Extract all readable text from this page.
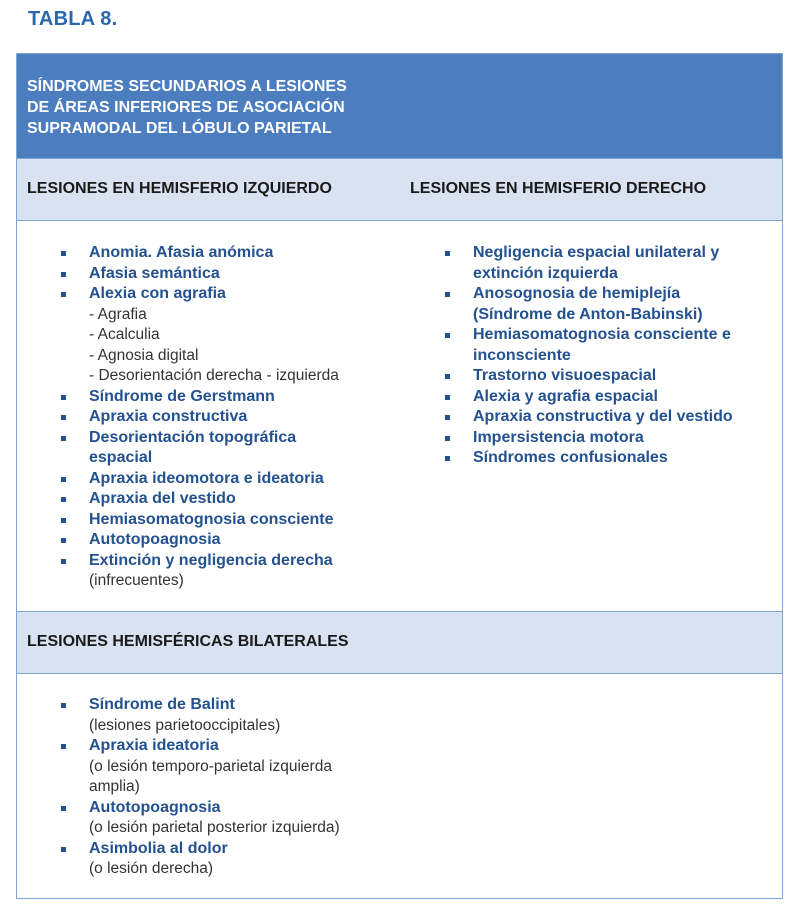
TABLA 8.
SÍNDROMES SECUNDARIOS A LESIONES
DE ÁREAS INFERIORES DE ASOCIACIÓN
SUPRAMODAL DEL LÓBULO PARIETAL
LESIONES EN HEMISFERIO IZQUIERDO	LESIONES EN HEMISFERIO DERECHO
Anomia. Afasia anómica
Afasia semántica
Alexia con agrafia
- Agrafia
- Acalculia
- Agnosia digital
- Desorientación derecha - izquierda
Síndrome de Gerstmann
Apraxia constructiva
Desorientación topográfica
espacial
Apraxia ideomotora e ideatoria
Apraxia del vestido
Hemiasomatognosia consciente
Autotopoagnosia
Extinción y negligencia derecha
(infrecuentes)
Negligencia espacial unilateral y
extinción izquierda
Anosognosia de hemiplejía
(Síndrome de Anton-Babinski)
Hemiasomatognosia consciente e
inconsciente
Trastorno visuoespacial
Alexia y agrafia espacial
Apraxia constructiva y del vestido
Impersistencia motora
Síndromes confusionales
LESIONES HEMISFÉRICAS BILATERALES
Síndrome de Balint
(lesiones parietooccipitales)
Apraxia ideatoria
(o lesión temporo-parietal izquierda
amplia)
Autotopoagnosia
(o lesión parietal posterior izquierda)
Asimbolia al dolor
(o lesión derecha)
